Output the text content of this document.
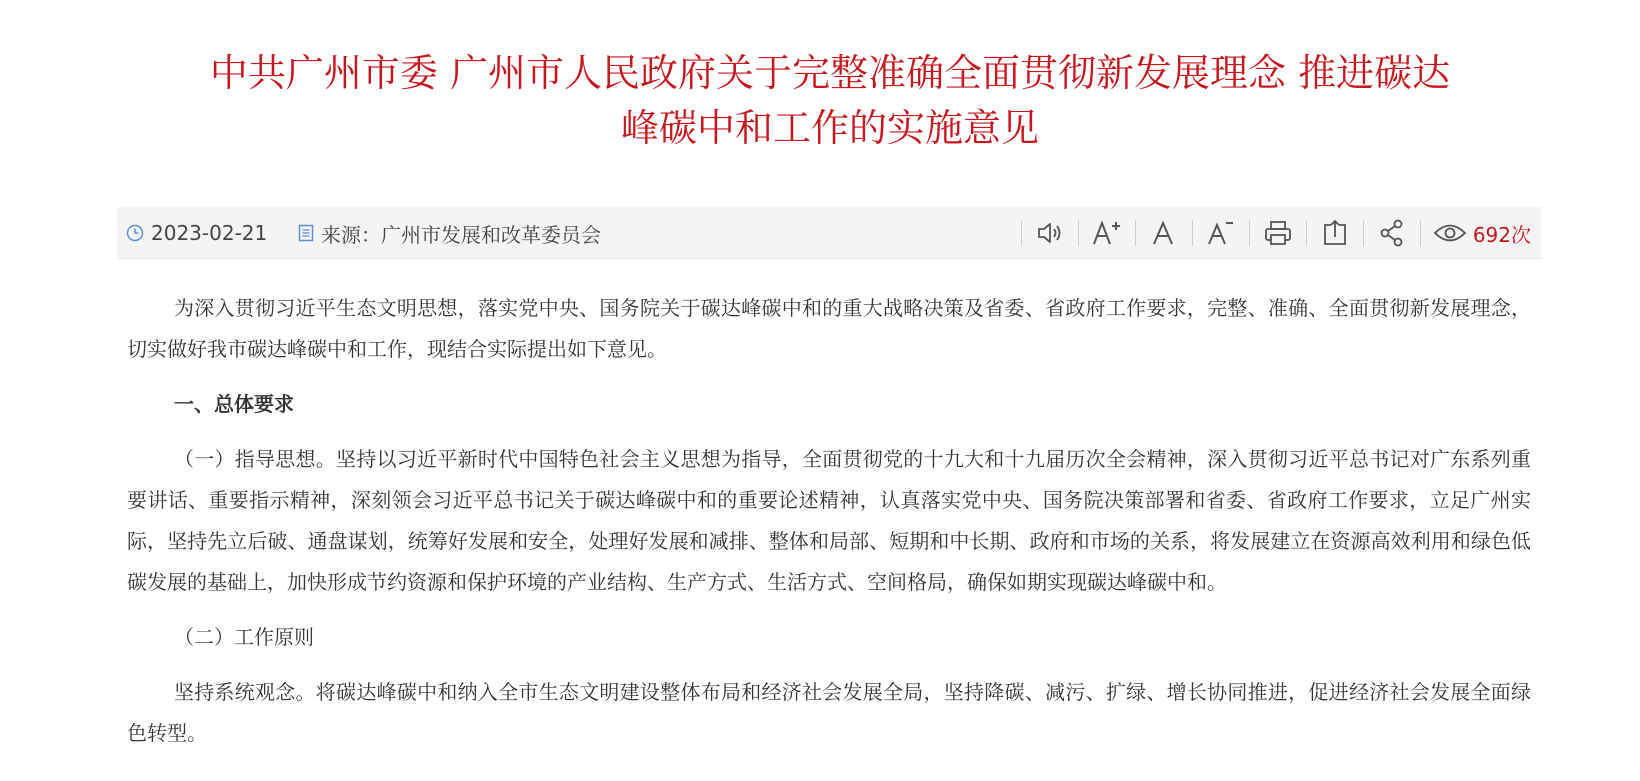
中共广州市委 广州市人民政府关于完整准确全面贯彻新发展理念 推进碳达
峰碳中和工作的实施意见
2023-02-21	来源：广州市发展和改革委员会	692次

为深入贯彻习近平生态文明思想，落实党中央、国务院关于碳达峰碳中和的重大战略决策及省委、省政府工作要求，完整、准确、全面贯彻新发展理念，切实做好我市碳达峰碳中和工作，现结合实际提出如下意见。

一、总体要求

（一）指导思想。坚持以习近平新时代中国特色社会主义思想为指导，全面贯彻党的十九大和十九届历次全会精神，深入贯彻习近平总书记对广东系列重要讲话、重要指示精神，深刻领会习近平总书记关于碳达峰碳中和的重要论述精神，认真落实党中央、国务院决策部署和省委、省政府工作要求，立足广州实际，坚持先立后破、通盘谋划，统筹好发展和安全，处理好发展和减排、整体和局部、短期和中长期、政府和市场的关系，将发展建立在资源高效利用和绿色低碳发展的基础上，加快形成节约资源和保护环境的产业结构、生产方式、生活方式、空间格局，确保如期实现碳达峰碳中和。

（二）工作原则

坚持系统观念。将碳达峰碳中和纳入全市生态文明建设整体布局和经济社会发展全局，坚持降碳、减污、扩绿、增长协同推进，促进经济社会发展全面绿色转型。
